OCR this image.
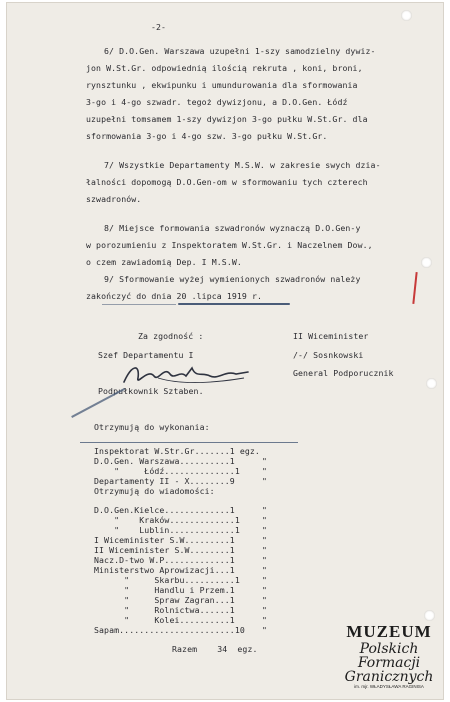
-2-
6/ D.O.Gen. Warszawa uzupełni 1-szy samodzielny dywiz-
jon W.St.Gr. odpowiednią ilością rekruta , koni, broni,
rynsztunku , ekwipunku i umundurowania dla sformowania
3-go i 4-go szwadr. tegoż dywizjonu, a D.O.Gen. Łódź
uzupełni tomsamem 1-szy dywizjon 3-go pułku W.St.Gr. dla
sformowania 3-go i 4-go szw. 3-go pułku W.St.Gr.
7/ Wszystkie Departamenty M.S.W. w zakresie swych dzia-
łalności dopomogą D.O.Gen-om w sformowaniu tych czterech
szwadronów.
8/ Miejsce formowania szwadronów wyznaczą D.O.Gen-y
w porozumieniu z Inspektoratem W.St.Gr. i Naczelnem Dow.,
o czem zawiadomią Dep. I M.S.W.
9/ Sformowanie wyżej wymienionych szwadronów należy
zakończyć do dnia 20 .lipca 1919 r.
Za zgodność :
Szef Departamentu I
Podpułkownik Sztaben.
II Wiceminister
/-/ Sosnkowski
General Podporucznik
Otrzymują do wykonania:
Inspektorat W.Str.Gr.......1 egz.
D.O.Gen. Warszawa..........1	"
"     Łódź..............1	"
Departamenty II - X........9	"
Otrzymują do wiadomości:
D.O.Gen.Kielce.............1	"
"    Kraków.............1	"
"    Lublin.............1	"
I Wiceminister S.W.........1	"
II Wiceminister S.W........1	"
Nacz.D-two W.P.............1	"
Ministerstwo Aprowizacji...1	"
"     Skarbu..........1	"
"     Handlu i Przem.1	"
"     Spraw Zagran...1	"
"     Rolnictwa......1	"
"     Kolei..........1	"
Sapam.......................10 "
Razem    34  egz.
MUZEUM
Polskich
Formacji
Granicznych
im. mjr. WŁADYSŁAWA RAGINISA
